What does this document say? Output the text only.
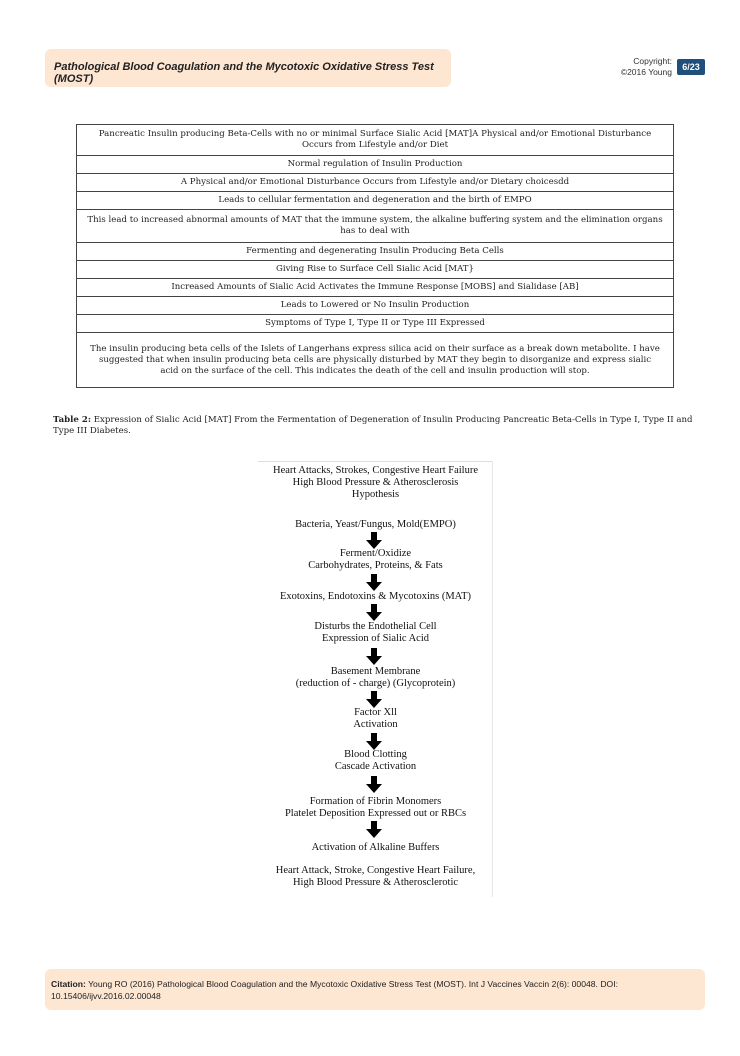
Pathological Blood Coagulation and the Mycotoxic Oxidative Stress Test (MOST)
Copyright:
©2016 Young	6/23
Pancreatic Insulin producing Beta-Cells with no or minimal Surface Sialic Acid [MAT]A Physical and/or Emotional Disturbance Occurs from Lifestyle and/or Diet
Normal regulation of Insulin Production
A Physical and/or Emotional Disturbance Occurs from Lifestyle and/or Dietary choicesdd
Leads to cellular fermentation and degeneration and the birth of EMPO
This lead to increased abnormal amounts of MAT that the immune system, the alkaline buffering system and the elimination organs has to deal with
Fermenting and degenerating Insulin Producing Beta Cells
Giving Rise to Surface Cell Sialic Acid [MAT}
Increased Amounts of Sialic Acid Activates the Immune Response [MOBS] and Sialidase [AB]
Leads to Lowered or No Insulin Production
Symptoms of Type I, Type II or Type III Expressed
The insulin producing beta cells of the Islets of Langerhans express silica acid on their surface as a break down metabolite. I have suggested that when insulin producing beta cells are physically disturbed by MAT they begin to disorganize and express sialic acid on the surface of the cell. This indicates the death of the cell and insulin production will stop.
Table 2: Expression of Sialic Acid [MAT] From the Fermentation of Degeneration of Insulin Producing Pancreatic Beta-Cells in Type I, Type II and Type III Diabetes.
Heart Attacks, Strokes, Congestive Heart Failure
High Blood Pressure & Atherosclerosis
Hypothesis
Bacteria, Yeast/Fungus, Mold(EMPO)
Ferment/Oxidize
Carbohydrates, Proteins, & Fats
Exotoxins, Endotoxins & Mycotoxins (MAT)
Disturbs the Endothelial Cell
Expression of Sialic Acid
Basement Membrane
(reduction of - charge) (Glycoprotein)
Factor Xll
Activation
Blood Clotting
Cascade Activation
Formation of Fibrin Monomers
Platelet Deposition Expressed out or RBCs
Activation of Alkaline Buffers
Heart Attack, Stroke, Congestive Heart Failure,
High Blood Pressure & Atherosclerotic
Citation: Young RO (2016) Pathological Blood Coagulation and the Mycotoxic Oxidative Stress Test (MOST). Int J Vaccines Vaccin 2(6): 00048. DOI: 10.15406/ijvv.2016.02.00048
